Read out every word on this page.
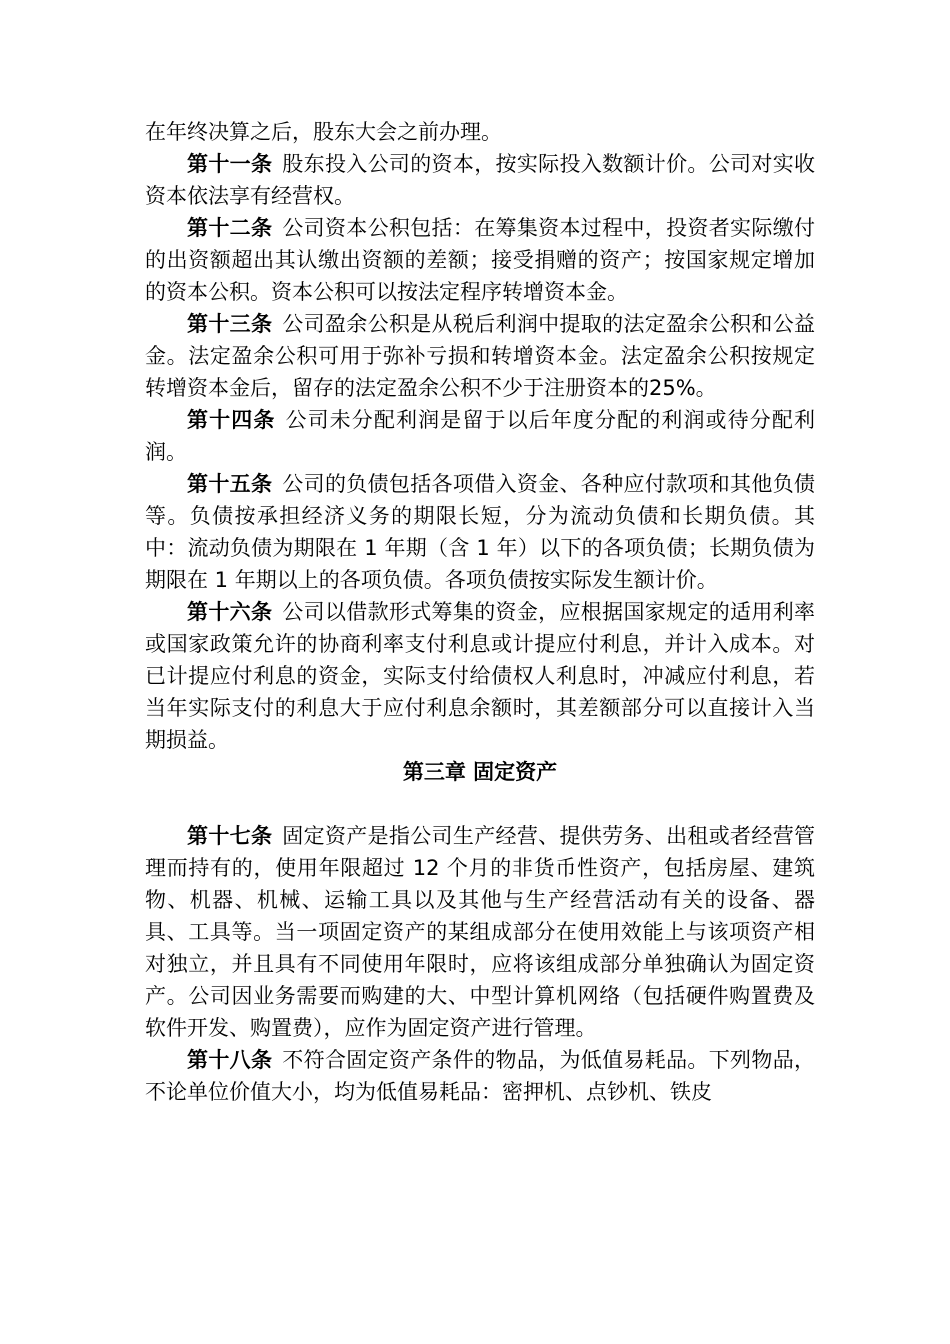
在年终决算之后，股东大会之前办理。

第十一条 股东投入公司的资本，按实际投入数额计价。公司对实收资本依法享有经营权。
第十二条 公司资本公积包括：在筹集资本过程中，投资者实际缴付的出资额超出其认缴出资额的差额；接受捐赠的资产；按国家规定增加的资本公积。资本公积可以按法定程序转增资本金。
第十三条 公司盈余公积是从税后利润中提取的法定盈余公积和公益金。法定盈余公积可用于弥补亏损和转增资本金。法定盈余公积按规定转增资本金后，留存的法定盈余公积不少于注册资本的25%。
第十四条 公司未分配利润是留于以后年度分配的利润或待分配利润。
第十五条 公司的负债包括各项借入资金、各种应付款项和其他负债等。负债按承担经济义务的期限长短，分为流动负债和长期负债。其中：流动负债为期限在 1 年期（含 1 年）以下的各项负债；长期负债为期限在 1 年期以上的各项负债。各项负债按实际发生额计价。
第十六条 公司以借款形式筹集的资金，应根据国家规定的适用利率或国家政策允许的协商利率支付利息或计提应付利息，并计入成本。对已计提应付利息的资金，实际支付给债权人利息时，冲减应付利息，若当年实际支付的利息大于应付利息余额时，其差额部分可以直接计入当期损益。
第三章 固定资产
第十七条 固定资产是指公司生产经营、提供劳务、出租或者经营管理而持有的，使用年限超过 12 个月的非货币性资产，包括房屋、建筑物、机器、机械、运输工具以及其他与生产经营活动有关的设备、器具、工具等。当一项固定资产的某组成部分在使用效能上与该项资产相对独立，并且具有不同使用年限时，应将该组成部分单独确认为固定资产。公司因业务需要而购建的大、中型计算机网络（包括硬件购置费及软件开发、购置费），应作为固定资产进行管理。
第十八条 不符合固定资产条件的物品，为低值易耗品。下列物品，不论单位价值大小，均为低值易耗品：密押机、点钞机、铁皮
